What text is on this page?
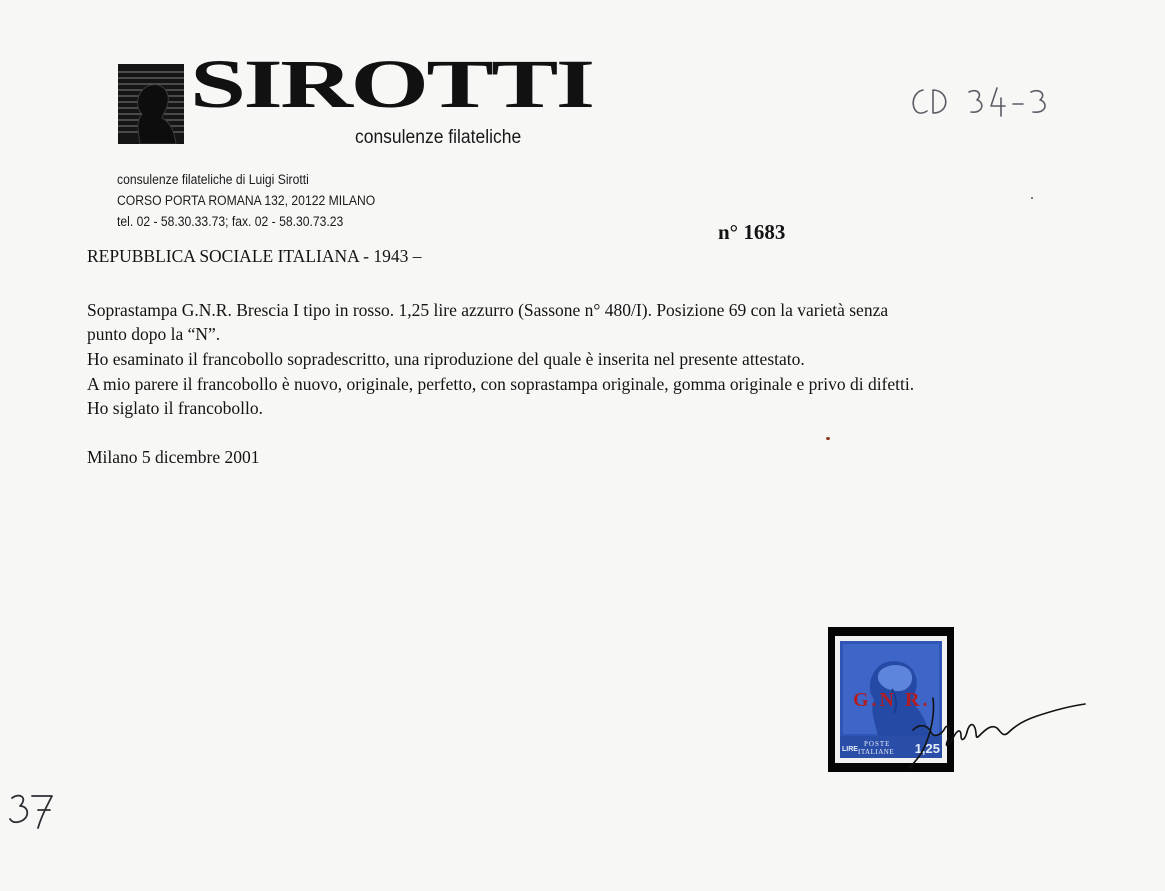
SIROTTI
consulenze filateliche
consulenze filateliche di Luigi Sirotti
CORSO PORTA ROMANA 132, 20122 MILANO
tel. 02 - 58.30.33.73; fax. 02 - 58.30.73.23	n° 1683
REPUBBLICA SOCIALE ITALIANA - 1943 –
Soprastampa G.N.R. Brescia I tipo in rosso. 1,25 lire azzurro (Sassone n° 480/I). Posizione 69 con la varietà senza
punto dopo la “N”.
Ho esaminato il francobollo sopradescritto, una riproduzione del quale è inserita nel presente attestato.
A mio parere il francobollo è nuovo, originale, perfetto, con soprastampa originale, gomma originale e privo di difetti.
Ho siglato il francobollo.
Milano 5 dicembre 2001
G.N R.
LIRE
POSTE
ITALIANE 1,25
